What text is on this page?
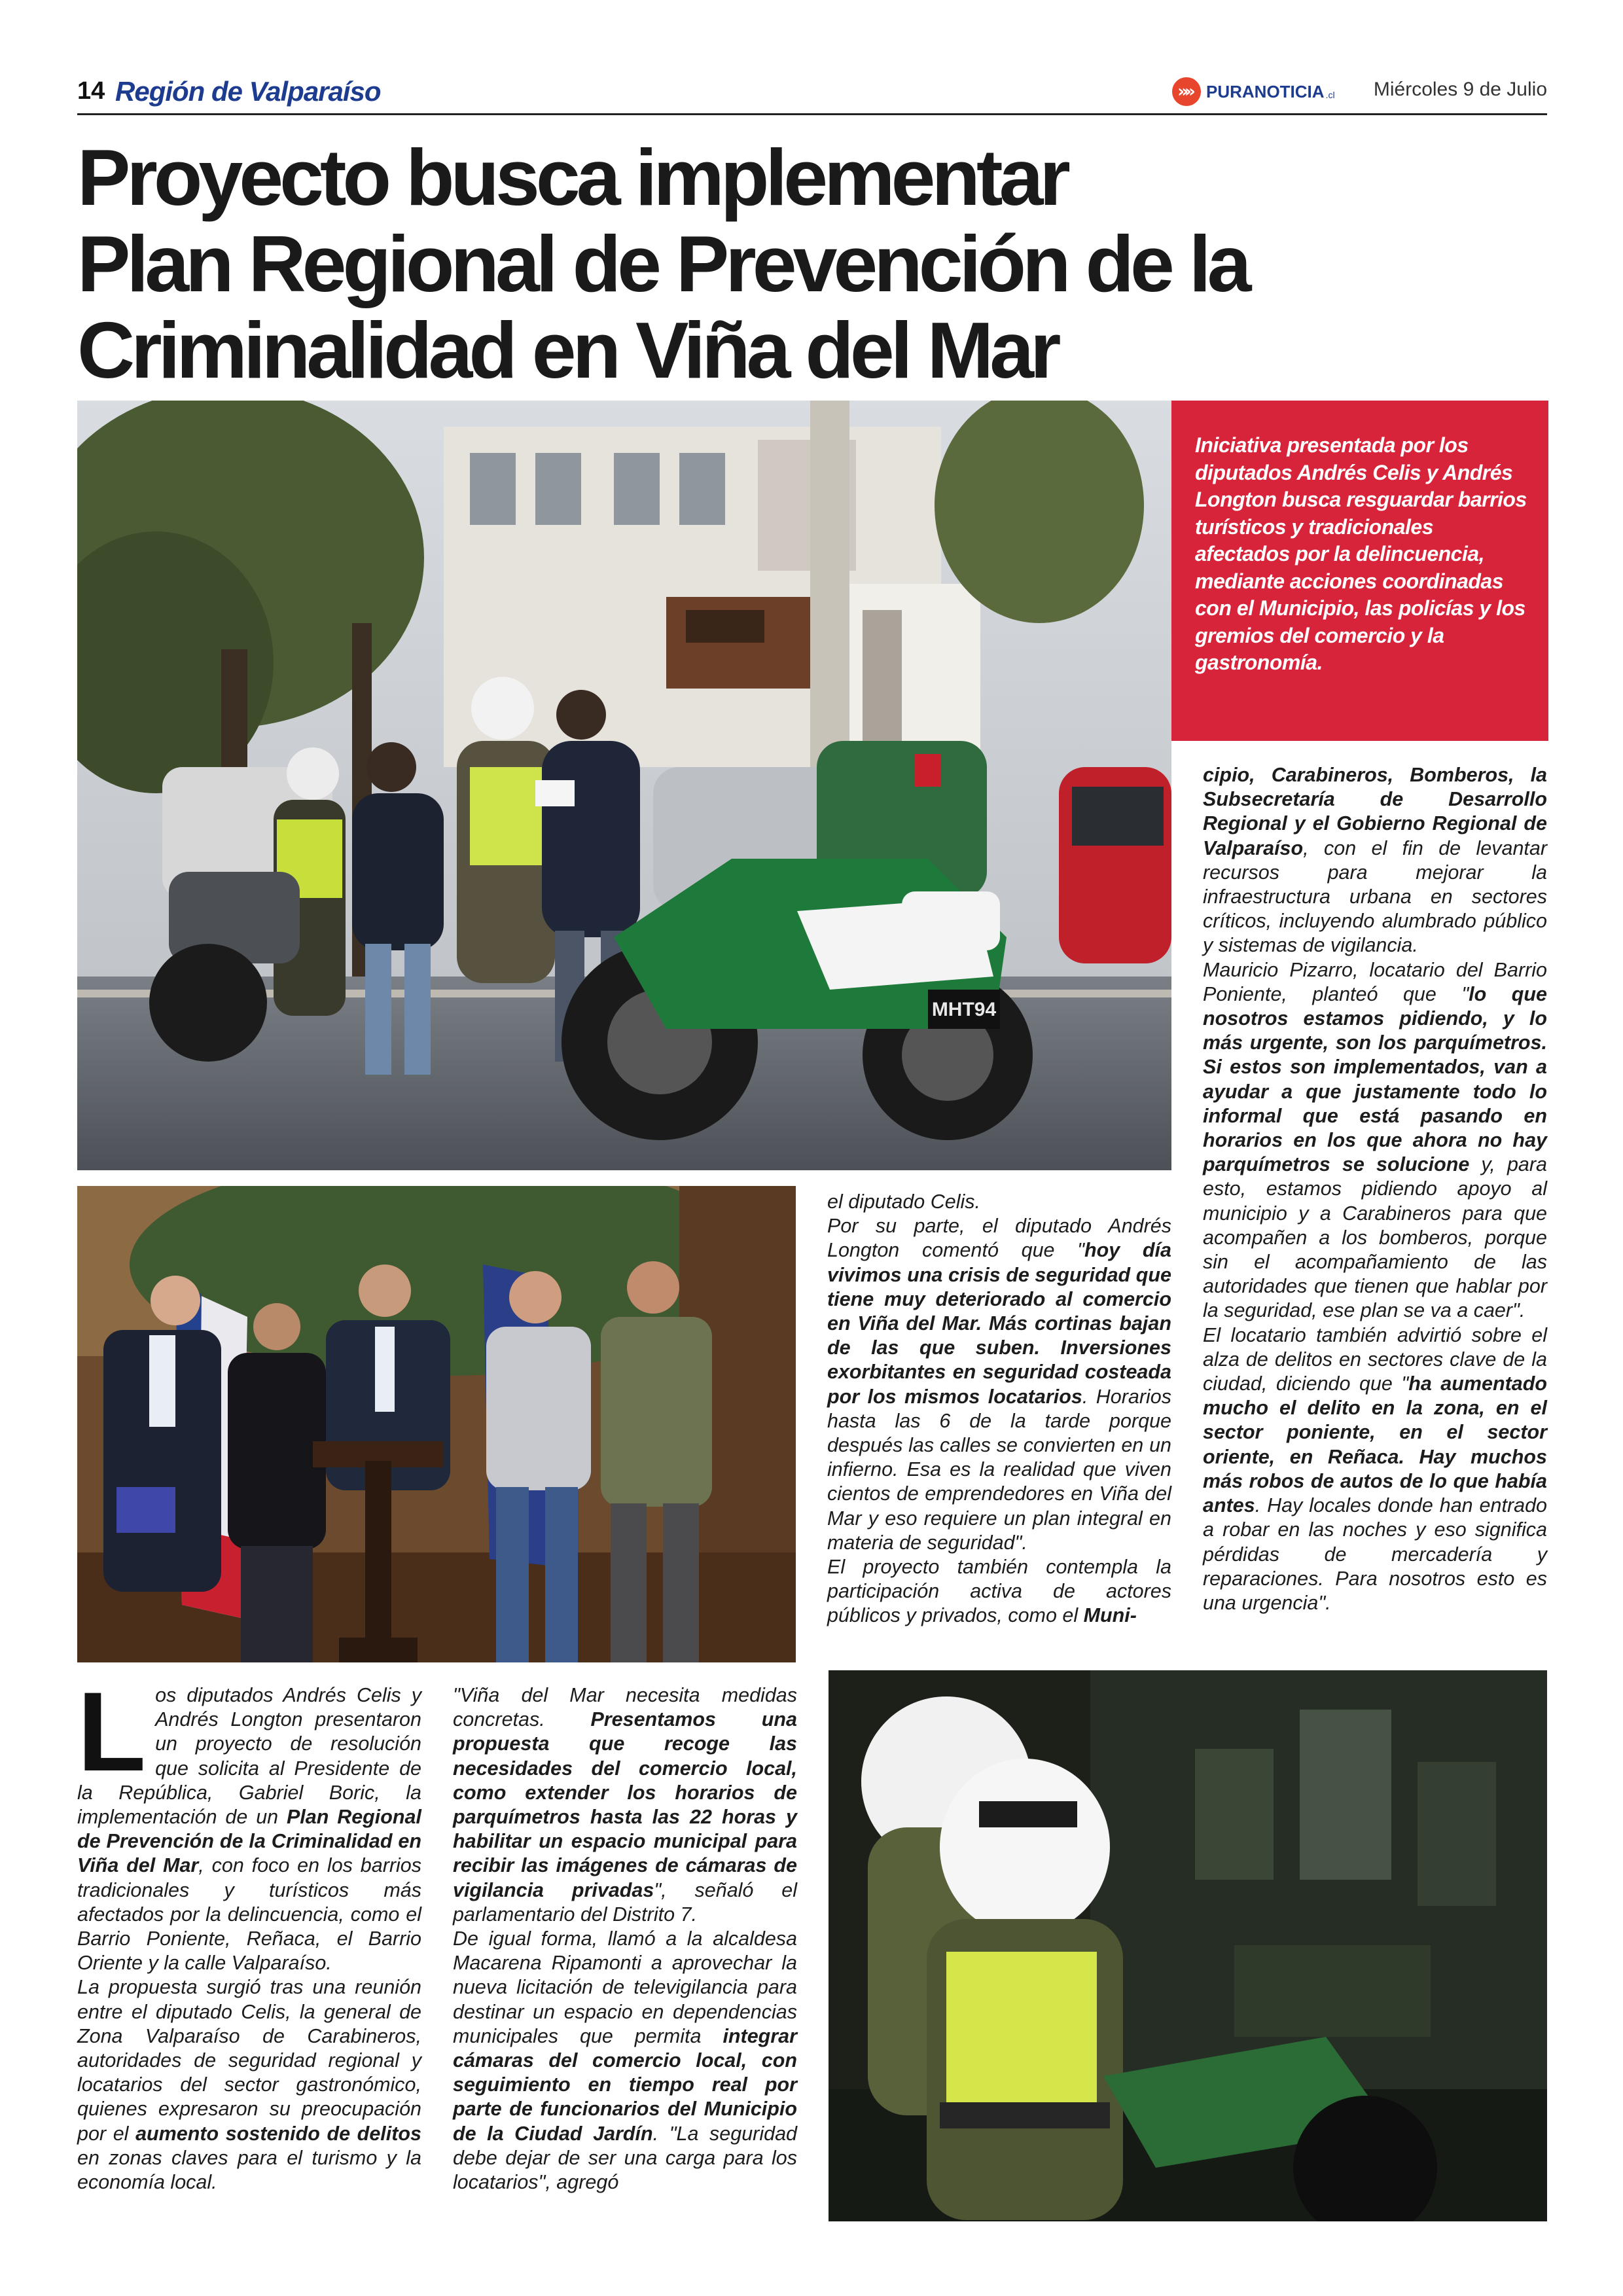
14 Región de Valparaíso	»» PURANOTICIA .cl Miércoles 9 de Julio
Proyecto busca implementar
Plan Regional de Prevención de la
Criminalidad en Viña del Mar
MHT94

Iniciativa presentada por los diputados Andrés Celis y Andrés Longton busca resguardar barrios turísticos y tradicionales afectados por la delincuencia, mediante acciones coordinadas con el Municipio, las policías y los gremios del comercio y la gastronomía.

L os diputados Andrés Celis y Andrés Longton presentaron un proyecto de resolución que solicita al Presidente de la República, Gabriel Boric, la implementación de un Plan Regional de Prevención de la Criminalidad en Viña del Mar, con foco en los barrios tradicionales y turísticos más afectados por la delincuencia, como el Barrio Poniente, Reñaca, el Barrio Oriente y la calle Valparaíso.

La propuesta surgió tras una reunión entre el diputado Celis, la general de Zona Valparaíso de Carabineros, autoridades de seguridad regional y locatarios del sector gastronómico, quienes expresaron su preocupación por el aumento sostenido de delitos en zonas claves para el turismo y la economía local.

"Viña del Mar necesita medidas concretas. Presentamos una propuesta que recoge las necesidades del comercio local, como extender los horarios de parquímetros hasta las 22 horas y habilitar un espacio municipal para recibir las imágenes de cámaras de vigilancia privadas", señaló el parlamentario del Distrito 7.

De igual forma, llamó a la alcaldesa Macarena Ripamonti a aprovechar la nueva licitación de televigilancia para destinar un espacio en dependencias municipales que permita integrar cámaras del comercio local, con seguimiento en tiempo real por parte de funcionarios del Municipio de la Ciudad Jardín. "La seguridad debe dejar de ser una carga para los locatarios", agregó

el diputado Celis.

Por su parte, el diputado Andrés Longton comentó que "hoy día vivimos una crisis de seguridad que tiene muy deteriorado al comercio en Viña del Mar. Más cortinas bajan de las que suben. Inversiones exorbitantes en seguridad costeada por los mismos locatarios. Horarios hasta las 6 de la tarde porque después las calles se convierten en un infierno. Esa es la realidad que viven cientos de emprendedores en Viña del Mar y eso requiere un plan integral en materia de seguridad".

El proyecto también contempla la participación activa de actores públicos y privados, como el Muni-

cipio, Carabineros, Bomberos, la Subsecretaría de Desarrollo Regional y el Gobierno Regional de Valparaíso, con el fin de levantar recursos para mejorar la infraestructura urbana en sectores críticos, incluyendo alumbrado público y sistemas de vigilancia.

Mauricio Pizarro, locatario del Barrio Poniente, planteó que "lo que nosotros estamos pidiendo, y lo más urgente, son los parquímetros. Si estos son implementados, van a ayudar a que justamente todo lo informal que está pasando en horarios en los que ahora no hay parquímetros se solucione y, para esto, estamos pidiendo apoyo al municipio y a Carabineros para que acompañen a los bomberos, porque sin el acompañamiento de las autoridades que tienen que hablar por la seguridad, ese plan se va a caer".

El locatario también advirtió sobre el alza de delitos en sectores clave de la ciudad, diciendo que "ha aumentado mucho el delito en la zona, en el sector poniente, en el sector oriente, en Reñaca. Hay muchos más robos de autos de lo que había antes. Hay locales donde han entrado a robar en las noches y eso significa pérdidas de mercadería y reparaciones. Para nosotros esto es una urgencia".
